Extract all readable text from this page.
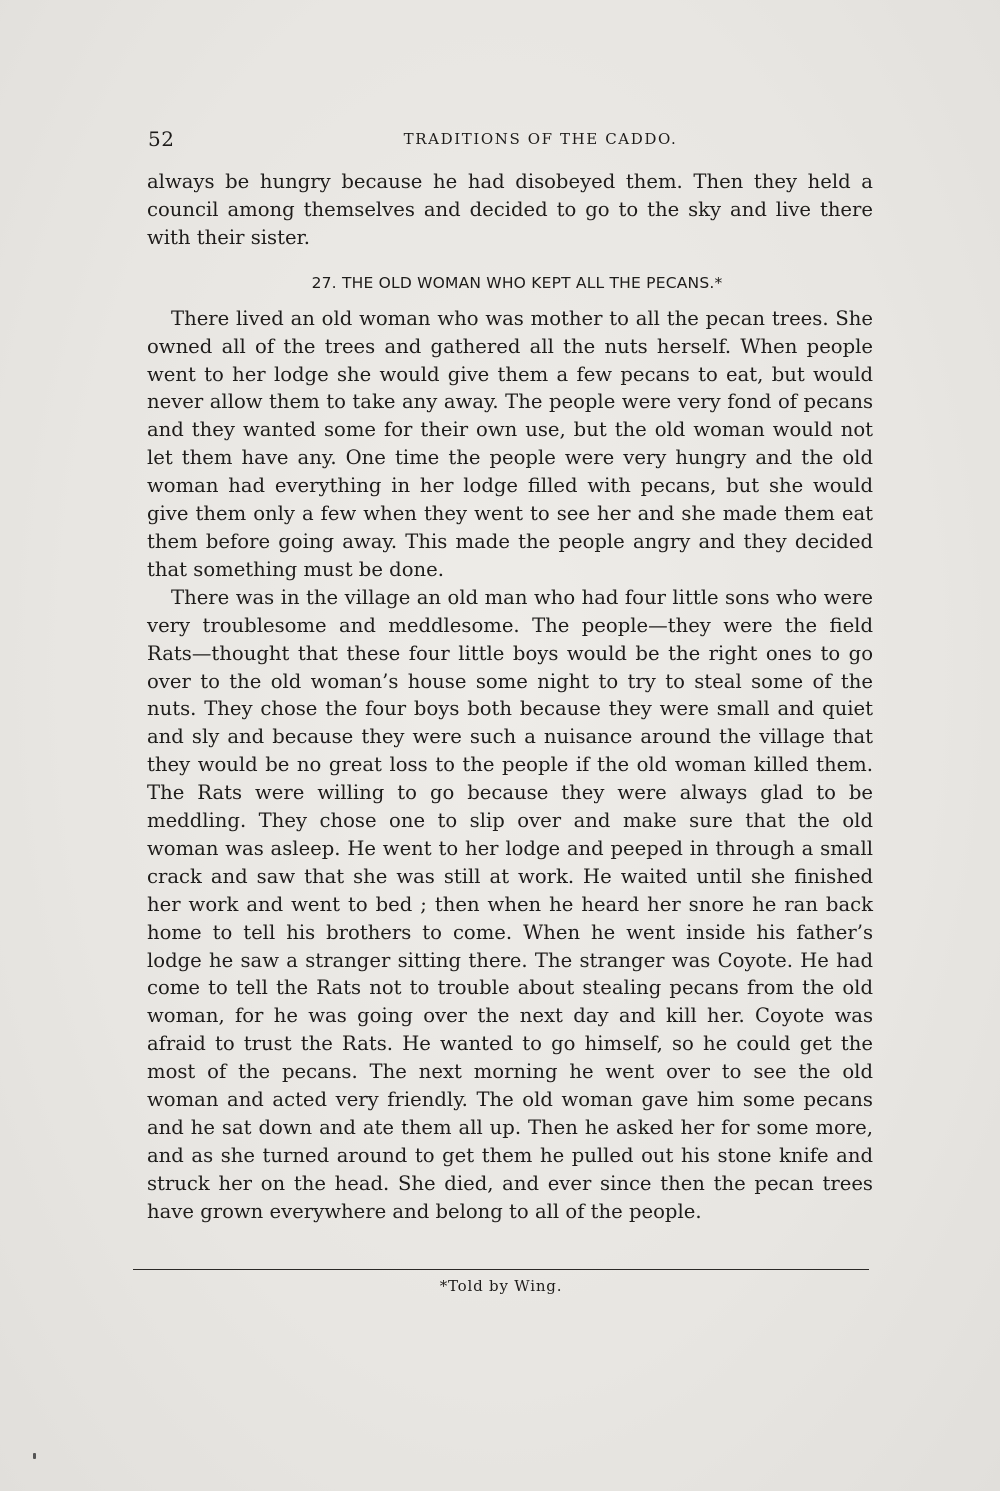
52	TRADITIONS OF THE CADDO.

always be hungry because he had disobeyed them. Then they held a council among themselves and decided to go to the sky and live there with their sister.

27. THE OLD WOMAN WHO KEPT ALL THE PECANS.*

There lived an old woman who was mother to all the pecan trees. She owned all of the trees and gathered all the nuts herself. When people went to her lodge she would give them a few pecans to eat, but would never allow them to take any away. The people were very fond of pecans and they wanted some for their own use, but the old woman would not let them have any. One time the people were very hungry and the old woman had everything in her lodge filled with pecans, but she would give them only a few when they went to see her and she made them eat them before going away. This made the people angry and they decided that something must be done.

There was in the village an old man who had four little sons who were very troublesome and meddlesome. The people—they were the field Rats—thought that these four little boys would be the right ones to go over to the old woman’s house some night to try to steal some of the nuts. They chose the four boys both because they were small and quiet and sly and because they were such a nuisance around the village that they would be no great loss to the people if the old woman killed them. The Rats were willing to go because they were always glad to be meddling. They chose one to slip over and make sure that the old woman was asleep. He went to her lodge and peeped in through a small crack and saw that she was still at work. He waited until she finished her work and went to bed ; then when he heard her snore he ran back home to tell his brothers to come. When he went inside his father’s lodge he saw a stranger sitting there. The stranger was Coyote. He had come to tell the Rats not to trouble about stealing pecans from the old woman, for he was going over the next day and kill her. Coyote was afraid to trust the Rats. He wanted to go himself, so he could get the most of the pecans. The next morning he went over to see the old woman and acted very friendly. The old woman gave him some pecans and he sat down and ate them all up. Then he asked her for some more, and as she turned around to get them he pulled out his stone knife and struck her on the head. She died, and ever since then the pecan trees have grown everywhere and belong to all of the people.

*Told by Wing.
